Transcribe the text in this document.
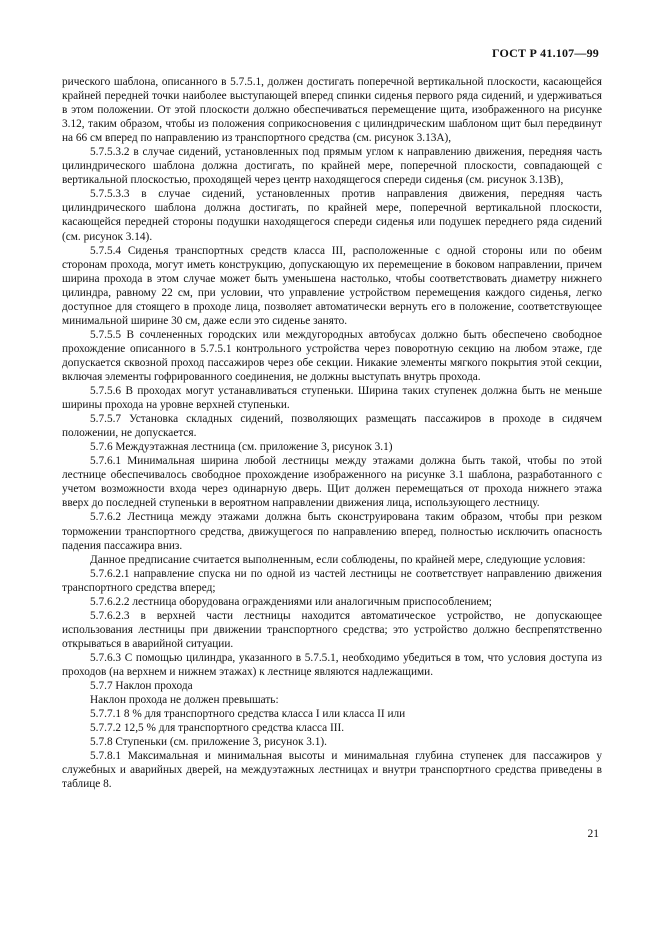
ГОСТ Р 41.107—99

рического шаблона, описанного в 5.7.5.1, должен достигать поперечной вертикальной плоскости, касающейся крайней передней точки наиболее выступающей вперед спинки сиденья первого ряда сидений, и удерживаться в этом положении. От этой плоскости должно обеспечиваться перемещение щита, изображенного на рисунке 3.12, таким образом, чтобы из положения соприкосновения с цилиндрическим шаблоном щит был передвинут на 66 см вперед по направлению из транспортного средства (см. рисунок 3.13A),

5.7.5.3.2 в случае сидений, установленных под прямым углом к направлению движения, передняя часть цилиндрического шаблона должна достигать, по крайней мере, поперечной плоскости, совпадающей с вертикальной плоскостью, проходящей через центр находящегося спереди сиденья (см. рисунок 3.13B),

5.7.5.3.3 в случае сидений, установленных против направления движения, передняя часть цилиндрического шаблона должна достигать, по крайней мере, поперечной вертикальной плоскости, касающейся передней стороны подушки находящегося спереди сиденья или подушек переднего ряда сидений (см. рисунок 3.14).

5.7.5.4 Сиденья транспортных средств класса III, расположенные с одной стороны или по обеим сторонам прохода, могут иметь конструкцию, допускающую их перемещение в боковом направлении, причем ширина прохода в этом случае может быть уменьшена настолько, чтобы соответствовать диаметру нижнего цилиндра, равному 22 см, при условии, что управление устройством перемещения каждого сиденья, легко доступное для стоящего в проходе лица, позволяет автоматически вернуть его в положение, соответствующее минимальной ширине 30 см, даже если это сиденье занято.

5.7.5.5 В сочлененных городских или междугородных автобусах должно быть обеспечено свободное прохождение описанного в 5.7.5.1 контрольного устройства через поворотную секцию на любом этаже, где допускается сквозной проход пассажиров через обе секции. Никакие элементы мягкого покрытия этой секции, включая элементы гофрированного соединения, не должны выступать внутрь прохода.

5.7.5.6 В проходах могут устанавливаться ступеньки. Ширина таких ступенек должна быть не меньше ширины прохода на уровне верхней ступеньки.

5.7.5.7 Установка складных сидений, позволяющих размещать пассажиров в проходе в сидячем положении, не допускается.

5.7.6 Междуэтажная лестница (см. приложение 3, рисунок 3.1)

5.7.6.1 Минимальная ширина любой лестницы между этажами должна быть такой, чтобы по этой лестнице обеспечивалось свободное прохождение изображенного на рисунке 3.1 шаблона, разработанного с учетом возможности входа через одинарную дверь. Щит должен перемещаться от прохода нижнего этажа вверх до последней ступеньки в вероятном направлении движения лица, использующего лестницу.

5.7.6.2 Лестница между этажами должна быть сконструирована таким образом, чтобы при резком торможении транспортного средства, движущегося по направлению вперед, полностью исключить опасность падения пассажира вниз.

Данное предписание считается выполненным, если соблюдены, по крайней мере, следующие условия:

5.7.6.2.1 направление спуска ни по одной из частей лестницы не соответствует направлению движения транспортного средства вперед;

5.7.6.2.2 лестница оборудована ограждениями или аналогичным приспособлением;

5.7.6.2.3 в верхней части лестницы находится автоматическое устройство, не допускающее использования лестницы при движении транспортного средства; это устройство должно беспрепятственно открываться в аварийной ситуации.

5.7.6.3 С помощью цилиндра, указанного в 5.7.5.1, необходимо убедиться в том, что условия доступа из проходов (на верхнем и нижнем этажах) к лестнице являются надлежащими.

5.7.7 Наклон прохода

Наклон прохода не должен превышать:

5.7.7.1 8 % для транспортного средства класса I или класса II или

5.7.7.2 12,5 % для транспортного средства класса III.

5.7.8 Ступеньки (см. приложение 3, рисунок 3.1).

5.7.8.1 Максимальная и минимальная высоты и минимальная глубина ступенек для пассажиров у служебных и аварийных дверей, на междуэтажных лестницах и внутри транспортного средства приведены в таблице 8.

21
